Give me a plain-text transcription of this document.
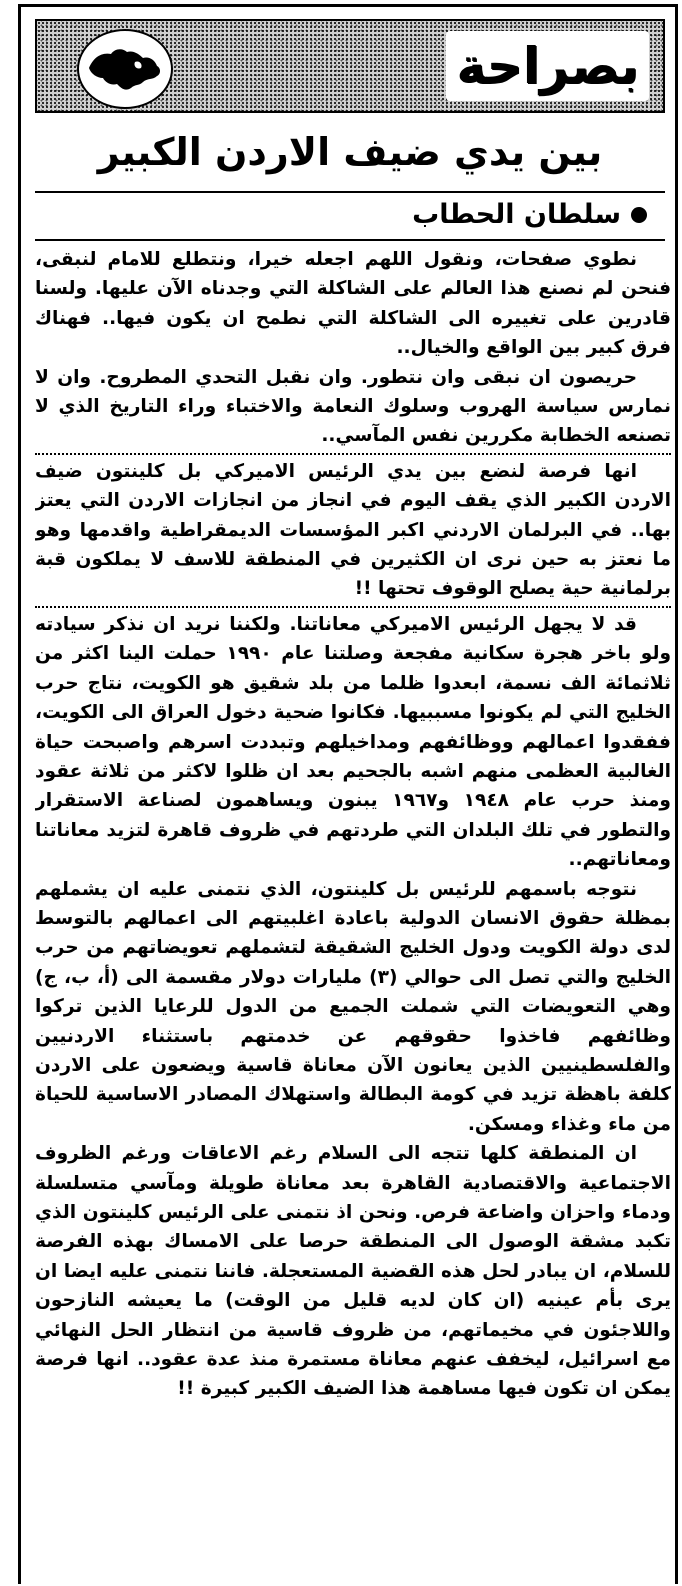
بصراحة
بين يدي ضيف الاردن الكبير
سلطان الحطاب

نطوي صفحات، ونقول اللهم اجعله خيرا، ونتطلع للامام لنبقى، فنحن لم نصنع هذا العالم على الشاكلة التي وجدناه الآن عليها. ولسنا قادرين على تغييره الى الشاكلة التي نطمح ان يكون فيها.. فهناك فرق كبير بين الواقع والخيال..

حريصون ان نبقى وان نتطور. وان نقبل التحدي المطروح. وان لا نمارس سياسة الهروب وسلوك النعامة والاختباء وراء التاريخ الذي لا تصنعه الخطابة مكررين نفس المآسي..

انها فرصة لنضع بين يدي الرئيس الاميركي بل كلينتون ضيف الاردن الكبير الذي يقف اليوم في انجاز من انجازات الاردن التي يعتز بها.. في البرلمان الاردني اكبر المؤسسات الديمقراطية واقدمها وهو ما نعتز به حين نرى ان الكثيرين في المنطقة للاسف لا يملكون قبة برلمانية حية يصلح الوقوف تحتها !!

قد لا يجهل الرئيس الاميركي معاناتنا. ولكننا نريد ان نذكر سيادته ولو باخر هجرة سكانية مفجعة وصلتنا عام ١٩٩٠ حملت الينا اكثر من ثلاثمائة الف نسمة، ابعدوا ظلما من بلد شقيق هو الكويت، نتاج حرب الخليج التي لم يكونوا مسببيها. فكانوا ضحية دخول العراق الى الكويت، ففقدوا اعمالهم ووظائفهم ومداخيلهم وتبددت اسرهم واصبحت حياة الغالبية العظمى منهم اشبه بالجحيم بعد ان ظلوا لاكثر من ثلاثة عقود ومنذ حرب عام ١٩٤٨ و١٩٦٧ يبنون ويساهمون لصناعة الاستقرار والتطور في تلك البلدان التي طردتهم في ظروف قاهرة لتزيد معاناتنا ومعاناتهم..

نتوجه باسمهم للرئيس بل كلينتون، الذي نتمنى عليه ان يشملهم بمظلة حقوق الانسان الدولية باعادة اغلبيتهم الى اعمالهم بالتوسط لدى دولة الكويت ودول الخليج الشقيقة لتشملهم تعويضاتهم من حرب الخليج والتي تصل الى حوالي (٣) مليارات دولار مقسمة الى (أ، ب، ج) وهي التعويضات التي شملت الجميع من الدول للرعايا الذين تركوا وظائفهم فاخذوا حقوقهم عن خدمتهم باستثناء الاردنيين والفلسطينيين الذين يعانون الآن معاناة قاسية ويضعون على الاردن كلفة باهظة تزيد في كومة البطالة واستهلاك المصادر الاساسية للحياة من ماء وغذاء ومسكن.

ان المنطقة كلها تتجه الى السلام رغم الاعاقات ورغم الظروف الاجتماعية والاقتصادية القاهرة بعد معاناة طويلة ومآسي متسلسلة ودماء واحزان واضاعة فرص. ونحن اذ نتمنى على الرئيس كلينتون الذي تكبد مشقة الوصول الى المنطقة حرصا على الامساك بهذه الفرصة للسلام، ان يبادر لحل هذه القضية المستعجلة. فاننا نتمنى عليه ايضا ان يرى بأم عينيه (ان كان لديه قليل من الوقت) ما يعيشه النازحون واللاجئون في مخيماتهم، من ظروف قاسية من انتظار الحل النهائي مع اسرائيل، ليخفف عنهم معاناة مستمرة منذ عدة عقود.. انها فرصة يمكن ان تكون فيها مساهمة هذا الضيف الكبير كبيرة !!
